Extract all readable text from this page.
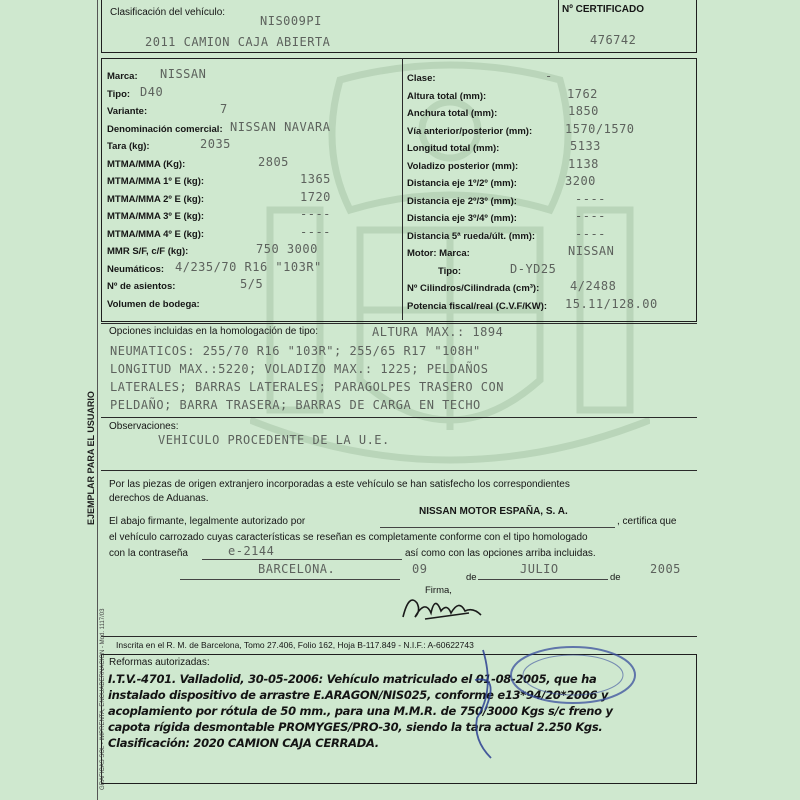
Clasificación del vehículo:
NIS009PI
2011 CAMION CAJA ABIERTA
Nº CERTIFICADO
476742
Marca: NISSAN
Tipo: D40
Variante:	7
Denominación comercial: NISSAN NAVARA
Tara (kg):	2035
MTMA/MMA (Kg):	2805
MTMA/MMA 1º E (kg):	1365
MTMA/MMA 2º E (kg):	1720
MTMA/MMA 3º E (kg):	----
MTMA/MMA 4º E (kg):	----
MMR S/F, c/F (kg):	750 3000
Neumáticos: 4/235/70 R16 "103R"
Nº de asientos:	5/5
Volumen de bodega:
Clase:	-
Altura total (mm):	1762
Anchura total (mm):	1850
Vía anterior/posterior (mm):	1570/1570
Longitud total (mm):	5133
Voladizo posterior (mm):	1138
Distancia eje 1º/2º (mm):	3200
Distancia eje 2º/3º (mm):	----
Distancia eje 3º/4º (mm):	----
Distancia 5ª rueda/últ. (mm):	----
Motor: Marca:	NISSAN
Tipo:	D-YD25
Nº Cilindros/Cilindrada (cm³):	4/2488
Potencia fiscal/real (C.V.F/KW): 15.11/128.00
Opciones incluidas en la homologación de tipo:	ALTURA MAX.: 1894
NEUMATICOS: 255/70 R16 "103R"; 255/65 R17 "108H"
LONGITUD MAX.:5220; VOLADIZO MAX.: 1225; PELDAÑOS
LATERALES; BARRAS LATERALES; PARAGOLPES TRASERO CON
PELDAÑO; BARRA TRASERA; BARRAS DE CARGA EN TECHO
Observaciones:
VEHICULO PROCEDENTE DE LA U.E.
Por las piezas de origen extranjero incorporadas a este vehículo se han satisfecho los correspondientes
derechos de Aduanas.
El abajo firmante, legalmente autorizado por
NISSAN MOTOR ESPAÑA, S. A.
, certifica que
el vehículo carrozado cuyas características se reseñan es completamente conforme con el tipo homologado
con la contraseña	e-2144	así como con las opciones arriba incluidas.
BARCELONA.	09
de
JULIO
de
2005
Firma,
Inscrita en el R. M. de Barcelona, Tomo 27.406, Folio 162, Hoja B-117.849 - N.I.F.: A-60622743
Reformas autorizadas:
I.T.V.-4701. Valladolid, 30-05-2006: Vehículo matriculado el 01-08-2005, que ha
instalado dispositivo de arrastre E.ARAGON/NIS025, conforme e13*94/20*2006 y
acoplamiento por rótula de 50 mm., para una M.M.R. de 750/3000 Kgs s/c freno y
capota rígida desmontable PROMYGES/PRO-30, siendo la tara actual 2.250 Kgs.
Clasificación: 2020 CAMION CAJA CERRADA.
EJEMPLAR PARA EL USUARIO
GRAFICAS SOL - IMPRENTA, ENCUADERNACION - Mod. 1117/03
